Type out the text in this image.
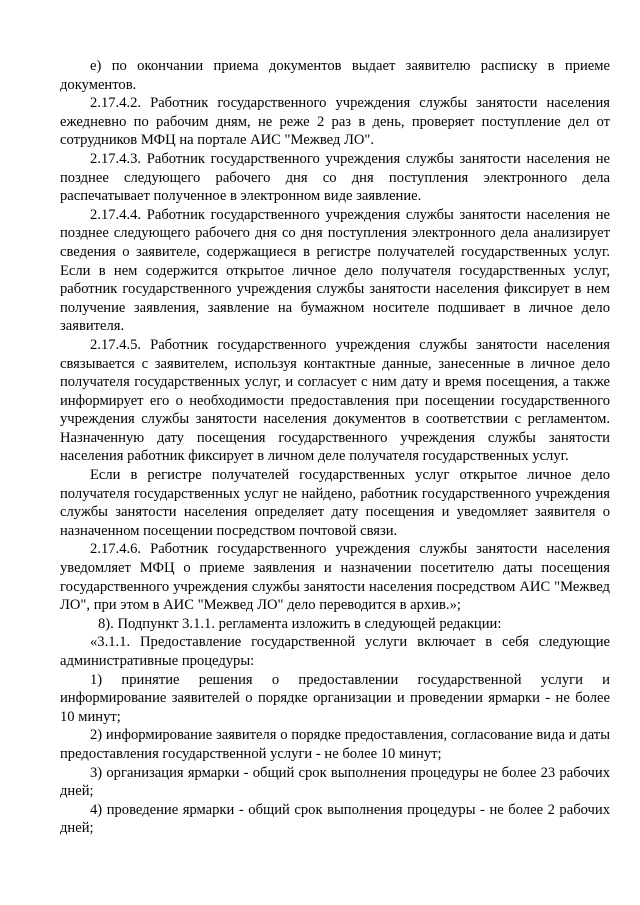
е) по окончании приема документов выдает заявителю расписку в приеме документов.

2.17.4.2. Работник государственного учреждения службы занятости населения ежедневно по рабочим дням, не реже 2 раз в день, проверяет поступление дел от сотрудников МФЦ на портале АИС "Межвед ЛО".

2.17.4.3. Работник государственного учреждения службы занятости населения не позднее следующего рабочего дня со дня поступления электронного дела распечатывает полученное в электронном виде заявление.

2.17.4.4. Работник государственного учреждения службы занятости населения не позднее следующего рабочего дня со дня поступления электронного дела анализирует сведения о заявителе, содержащиеся в регистре получателей государственных услуг. Если в нем содержится открытое личное дело получателя государственных услуг, работник государственного учреждения службы занятости населения фиксирует в нем получение заявления, заявление на бумажном носителе подшивает в личное дело заявителя.

2.17.4.5. Работник государственного учреждения службы занятости населения связывается с заявителем, используя контактные данные, занесенные в личное дело получателя государственных услуг, и согласует с ним дату и время посещения, а также информирует его о необходимости предоставления при посещении государственного учреждения службы занятости населения документов в соответствии с регламентом. Назначенную дату посещения государственного учреждения службы занятости населения работник фиксирует в личном деле получателя государственных услуг.

Если в регистре получателей государственных услуг открытое личное дело получателя государственных услуг не найдено, работник государственного учреждения службы занятости населения определяет дату посещения и уведомляет заявителя о назначенном посещении посредством почтовой связи.

2.17.4.6. Работник государственного учреждения службы занятости населения уведомляет МФЦ о приеме заявления и назначении посетителю даты посещения государственного учреждения службы занятости населения посредством АИС "Межвед ЛО", при этом в АИС "Межвед ЛО" дело переводится в архив.»;

8). Подпункт 3.1.1. регламента изложить в следующей редакции:

«3.1.1. Предоставление государственной услуги включает в себя следующие административные процедуры:

1) принятие решения о предоставлении государственной услуги и информирование заявителей о порядке организации и проведении ярмарки - не более 10 минут;

2) информирование заявителя о порядке предоставления, согласование вида и даты предоставления государственной услуги - не более 10 минут;

3) организация ярмарки - общий срок выполнения процедуры не более 23 рабочих дней;

4) проведение ярмарки - общий срок выполнения процедуры - не более 2 рабочих дней;
